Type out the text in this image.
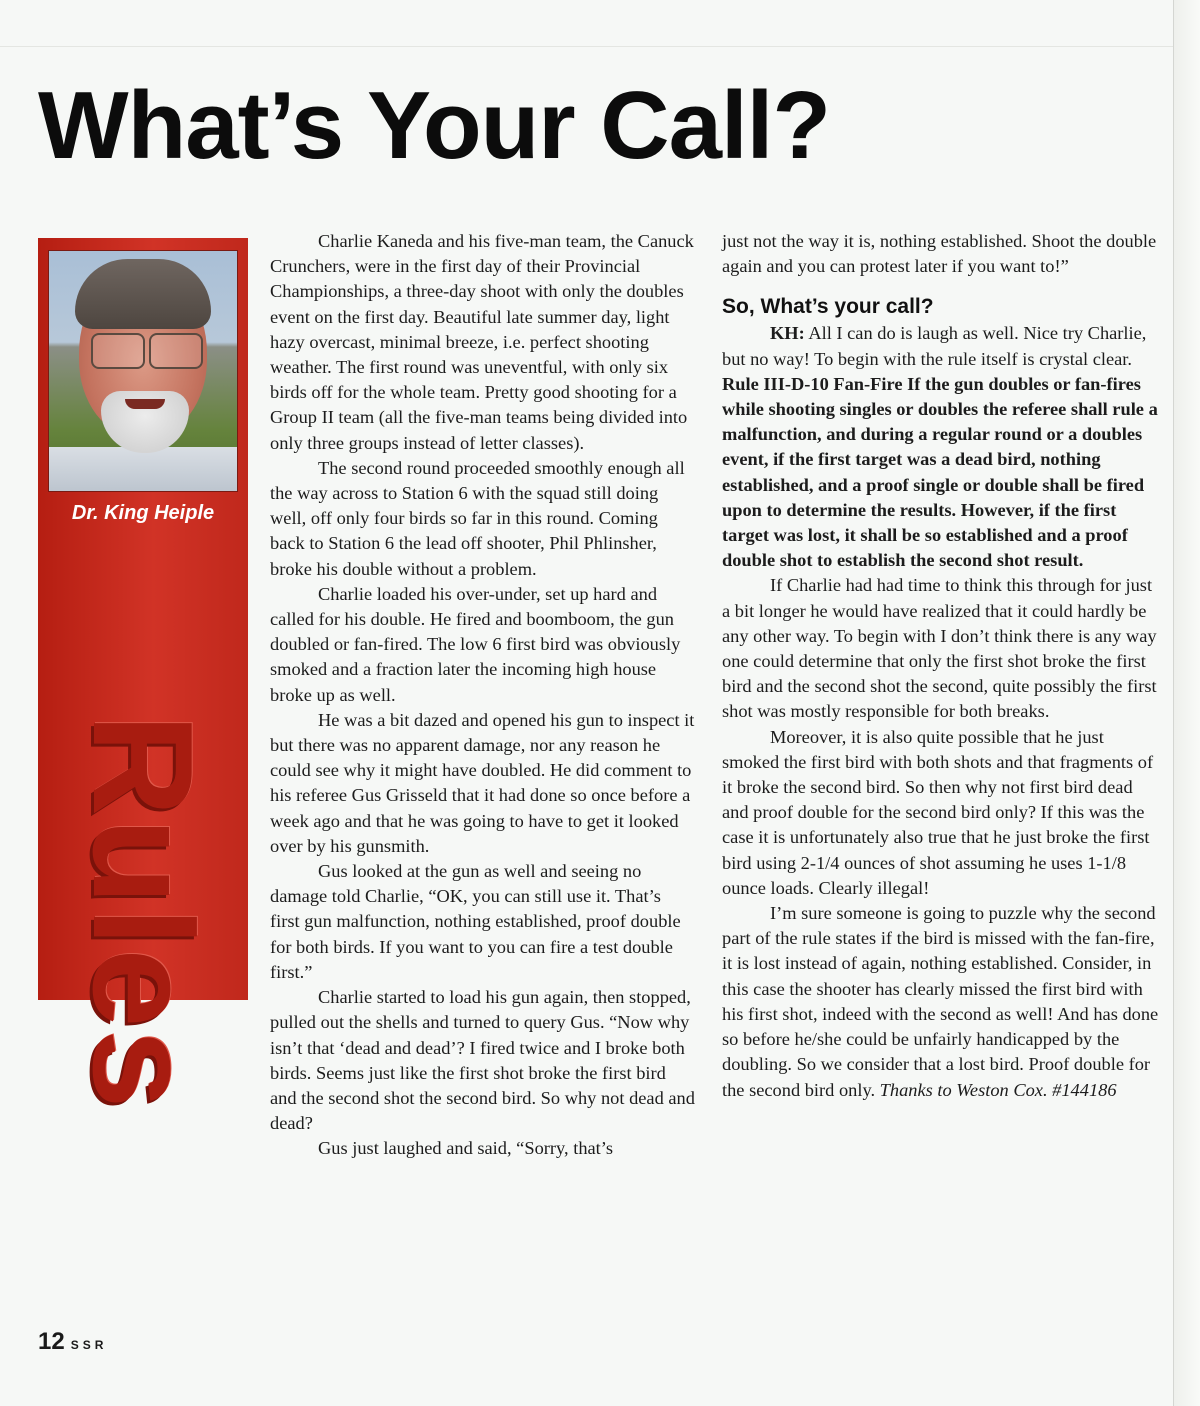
What’s Your Call?
Dr. King Heiple
Rules

Charlie Kaneda and his five-man team, the Canuck Crunchers, were in the first day of their Provincial Championships, a three-day shoot with only the doubles event on the first day. Beautiful late summer day, light hazy overcast, minimal breeze, i.e. perfect shooting weather. The first round was uneventful, with only six birds off for the whole team. Pretty good shooting for a Group II team (all the five-man teams being divided into only three groups instead of letter classes).

The second round proceeded smoothly enough all the way across to Station 6 with the squad still doing well, off only four birds so far in this round. Coming back to Station 6 the lead off shooter, Phil Phlinsher, broke his double without a problem.

Charlie loaded his over-under, set up hard and called for his double. He fired and boomboom, the gun doubled or fan-fired. The low 6 first bird was obviously smoked and a fraction later the incoming high house broke up as well.

He was a bit dazed and opened his gun to inspect it but there was no apparent damage, nor any reason he could see why it might have doubled. He did comment to his referee Gus Grisseld that it had done so once before a week ago and that he was going to have to get it looked over by his gunsmith.

Gus looked at the gun as well and seeing no damage told Charlie, “OK, you can still use it. That’s first gun malfunction, nothing established, proof double for both birds. If you want to you can fire a test double first.”

Charlie started to load his gun again, then stopped, pulled out the shells and turned to query Gus. “Now why isn’t that ‘dead and dead’? I fired twice and I broke both birds. Seems just like the first shot broke the first bird and the second shot the second bird. So why not dead and dead?

Gus just laughed and said, “Sorry, that’s

just not the way it is, nothing established. Shoot the double again and you can protest later if you want to!”

So, What’s your call?

KH: All I can do is laugh as well. Nice try Charlie, but no way! To begin with the rule itself is crystal clear. Rule III-D-10 Fan-Fire If the gun doubles or fan-fires while shooting singles or doubles the referee shall rule a malfunction, and during a regular round or a doubles event, if the first target was a dead bird, nothing established, and a proof single or double shall be fired upon to determine the results. However, if the first target was lost, it shall be so established and a proof double shot to establish the second shot result.

If Charlie had had time to think this through for just a bit longer he would have realized that it could hardly be any other way. To begin with I don’t think there is any way one could determine that only the first shot broke the first bird and the second shot the second, quite possibly the first shot was mostly responsible for both breaks.

Moreover, it is also quite possible that he just smoked the first bird with both shots and that fragments of it broke the second bird. So then why not first bird dead and proof double for the second bird only? If this was the case it is unfortunately also true that he just broke the first bird using 2-1/4 ounces of shot assuming he uses 1-1/8 ounce loads. Clearly illegal!

I’m sure someone is going to puzzle why the second part of the rule states if the bird is missed with the fan-fire, it is lost instead of again, nothing established. Consider, in this case the shooter has clearly missed the first bird with his first shot, indeed with the second as well! And has done so before he/she could be unfairly handicapped by the doubling. So we consider that a lost bird. Proof double for the second bird only. Thanks to Weston Cox. #144186

12 SSR
